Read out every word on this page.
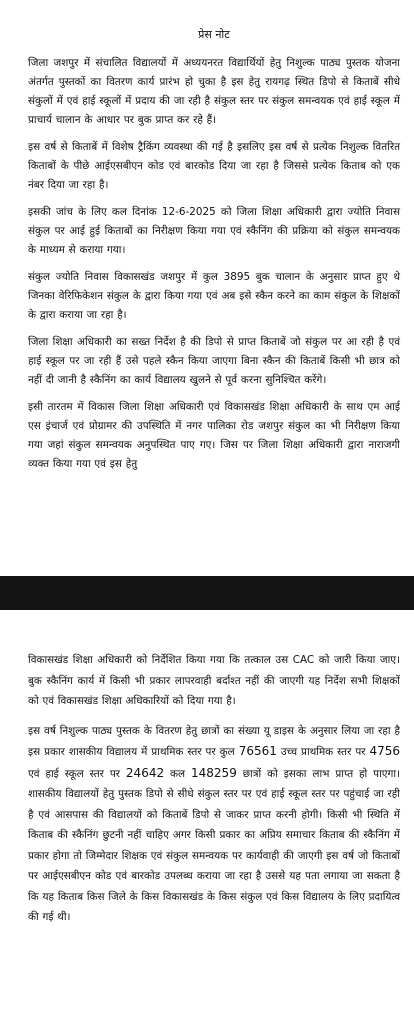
प्रेस नोट

जिला जशपुर में संचालित विद्यालयों में अध्ययनरत विद्यार्थियों हेतु निशुल्क पाठ्य पुस्तक योजना अंतर्गत पुस्तकों का वितरण कार्य प्रारंभ हो चुका है इस हेतु रायगढ़ स्थित डिपो से किताबें सीधे संकुलों में एवं हाई स्कूलों में प्रदाय की जा रही है संकुल स्तर पर संकुल समन्वयक एवं हाई स्कूल में प्राचार्य चालान के आधार पर बुक प्राप्त कर रहे हैं।

इस वर्ष से किताबें में विशेष ट्रैकिंग व्यवस्था की गई है इसलिए इस वर्ष से प्रत्येक निशुल्क वितरित किताबों के पीछे आईएसबीएन कोड एवं बारकोड दिया जा रहा है जिससे प्रत्येक किताब को एक नंबर दिया जा रहा है।

इसकी जांच के लिए कल दिनांक 12-6-2025 को जिला शिक्षा अधिकारी द्वारा ज्योति निवास संकुल पर आई हुई किताबों का निरीक्षण किया गया एवं स्कैनिंग की प्रक्रिया को संकुल समन्वयक के माध्यम से कराया गया।

संकुल ज्योति निवास विकासखंड जशपुर में कुल 3895 बुक चालान के अनुसार प्राप्त हुए थे जिनका वेरिफिकेशन संकुल के द्वारा किया गया एवं अब इसे स्कैन करने का काम संकुल के शिक्षकों के द्वारा कराया जा रहा है।

जिला शिक्षा अधिकारी का सख्त निर्देश है की डिपो से प्राप्त किताबें जो संकुल पर आ रही है एवं हाई स्कूल पर जा रही हैं उसे पहले स्कैन किया जाएगा बिना स्कैन की किताबें किसी भी छात्र को नहीं दी जानी है स्कैनिंग का कार्य विद्यालय खुलने से पूर्व करना सुनिश्चित करेंगे।

इसी तारतम में विकास जिला शिक्षा अधिकारी एवं विकासखंड शिक्षा अधिकारी के साथ एम आई एस इंचार्ज एवं प्रोग्रामर की उपस्थिति में नगर पालिका रोड जशपुर संकुल का भी निरीक्षण किया गया जहां संकुल समन्वयक अनुपस्थित पाए गए। जिस पर जिला शिक्षा अधिकारी द्वारा नाराजगी व्यक्त किया गया एवं इस हेतु

विकासखंड शिक्षा अधिकारी को निर्देशित किया गया कि तत्काल उस CAC को जारी किया जाए। बुक स्कैनिंग कार्य में किसी भी प्रकार लापरवाही बर्दाश्त नहीं की जाएगी यह निर्देश सभी शिक्षकों को एवं विकासखंड शिक्षा अधिकारियों को दिया गया है।

इस वर्ष निशुल्क पाठ्य पुस्तक के वितरण हेतु छात्रों का संख्या यू डाइस के अनुसार लिया जा रहा है इस प्रकार शासकीय विद्यालय में प्राथमिक स्तर पर कुल 76561 उच्च प्राथमिक स्तर पर 4756 एवं हाई स्कूल स्तर पर 24642 कल 148259 छात्रों को इसका लाभ प्राप्त हो पाएगा। शासकीय विद्यालयों हेतु पुस्तक डिपो से सीधे संकुल स्तर पर एवं हाई स्कूल स्तर पर पहुंचाई जा रही है एवं आसपास की विद्यालयों को किताबें डिपो से जाकर प्राप्त करनी होगी। किसी भी स्थिति में किताब की स्कैनिंग छुटनी नहीं चाहिए अगर किसी प्रकार का अप्रिय समाचार किताब की स्कैनिंग में प्रकार होगा तो जिम्मेदार शिक्षक एवं संकुल समन्वयक पर कार्यवाही की जाएगी इस वर्ष जो किताबों पर आईएसबीएन कोड एवं बारकोड उपलब्ध कराया जा रहा है उससे यह पता लगाया जा सकता है कि यह किताब किस जिले के किस विकासखंड के किस संकुल एवं किस विद्यालय के लिए प्रदायित्व की गई थी।
